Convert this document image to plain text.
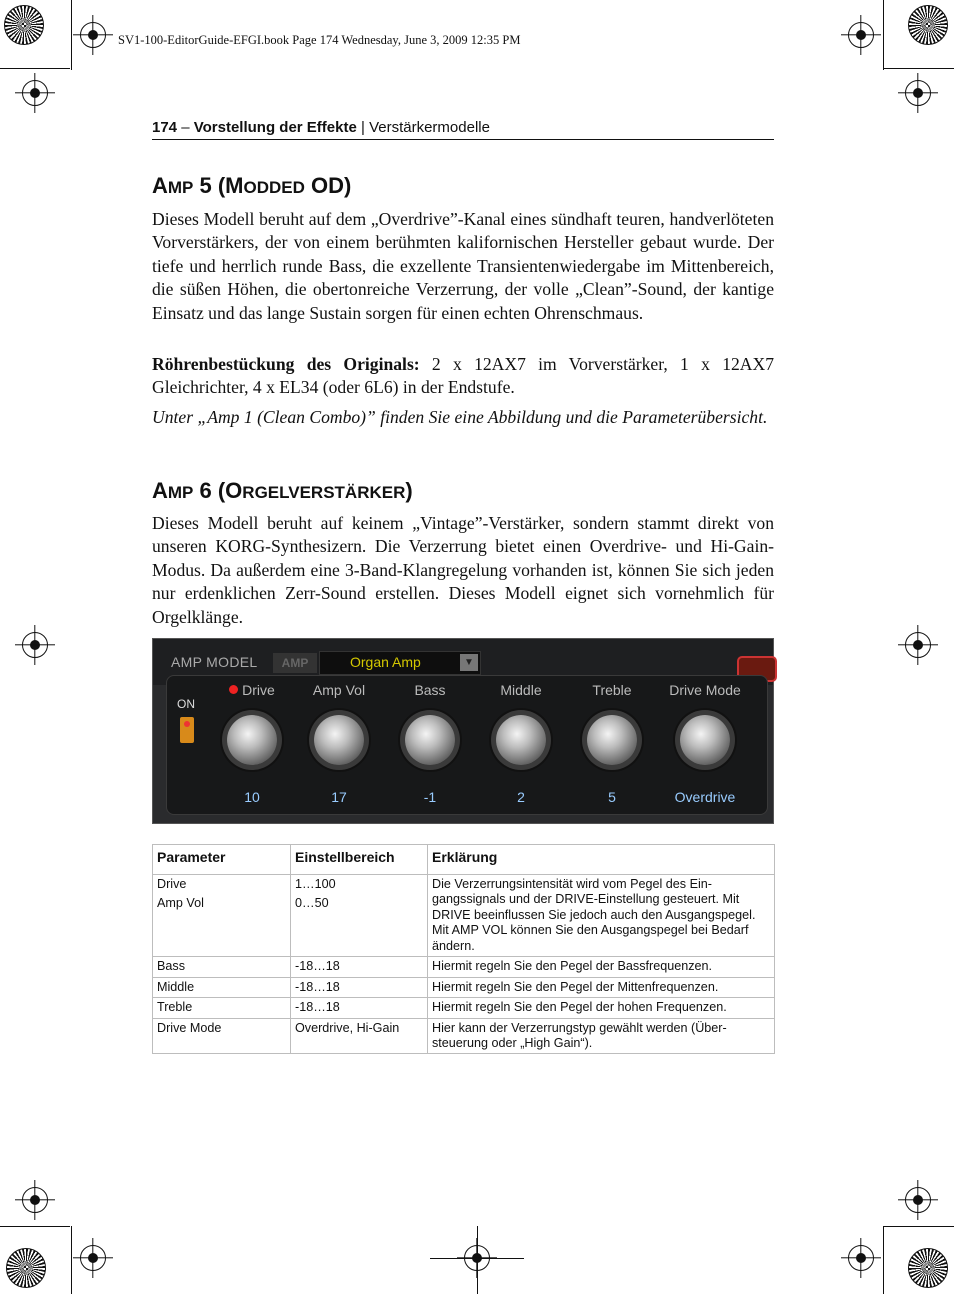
SV1-100-EditorGuide-EFGI.book Page 174 Wednesday, June 3, 2009 12:35 PM
174 – Vorstellung der Effekte | Verstärkermodelle
AMP 5 (MODDED OD)

Dieses Modell beruht auf dem „Overdrive”-Kanal eines sündhaft teuren, handverlöteten Vorverstärkers, der von einem berühmten kalifornischen Hersteller gebaut wurde. Der tiefe und herrlich runde Bass, die exzellente Transientenwiedergabe im Mittenbereich, die süßen Höhen, die obertonreiche Verzerrung, der volle „Clean”-Sound, der kantige Einsatz und das lange Sustain sorgen für einen echten Ohrenschmaus.

Röhrenbestückung des Originals: 2 x 12AX7 im Vorverstärker, 1 x 12AX7 Gleichrichter, 4 x EL34 (oder 6L6) in der Endstufe.

Unter „Amp 1 (Clean Combo)” finden Sie eine Abbildung und die Parameterübersicht.

AMP 6 (ORGELVERSTÄRKER)

Dieses Modell beruht auf keinem „Vintage”-Verstärker, sondern stammt direkt von unseren KORG-Synthesizern. Die Verzerrung bietet einen Overdrive- und Hi-Gain-Modus. Da außerdem eine 3-Band-Klangregelung vorhanden ist, können Sie sich jeden nur erdenklichen Zerr-Sound erstellen. Dieses Modell eignet sich vornehmlich für Orgelklänge.

AMP MODEL	AMP	Organ Amp	▼
ON
Drive	Amp Vol	Bass	Middle	Treble	Drive Mode
10	17	-1	2	5	Overdrive
Parameter	Einstellbereich	Erklärung
Drive	1…100	Die Verzerrungsintensität wird vom Pegel des Eingangssignals und der DRIVE-Einstellung gesteuert. Mit DRIVE beeinflussen Sie jedoch auch den Ausgangspegel. Mit AMP VOL können Sie den Ausgangspegel bei Bedarf ändern.
Amp Vol	0…50	
Bass	-18…18	Hiermit regeln Sie den Pegel der Bassfrequenzen.
Middle	-18…18	Hiermit regeln Sie den Pegel der Mittenfrequenzen.
Treble	-18…18	Hiermit regeln Sie den Pegel der hohen Frequenzen.
Drive Mode	Overdrive, Hi-Gain	Hier kann der Verzerrungstyp gewählt werden (Übersteuerung oder „High Gain“).
